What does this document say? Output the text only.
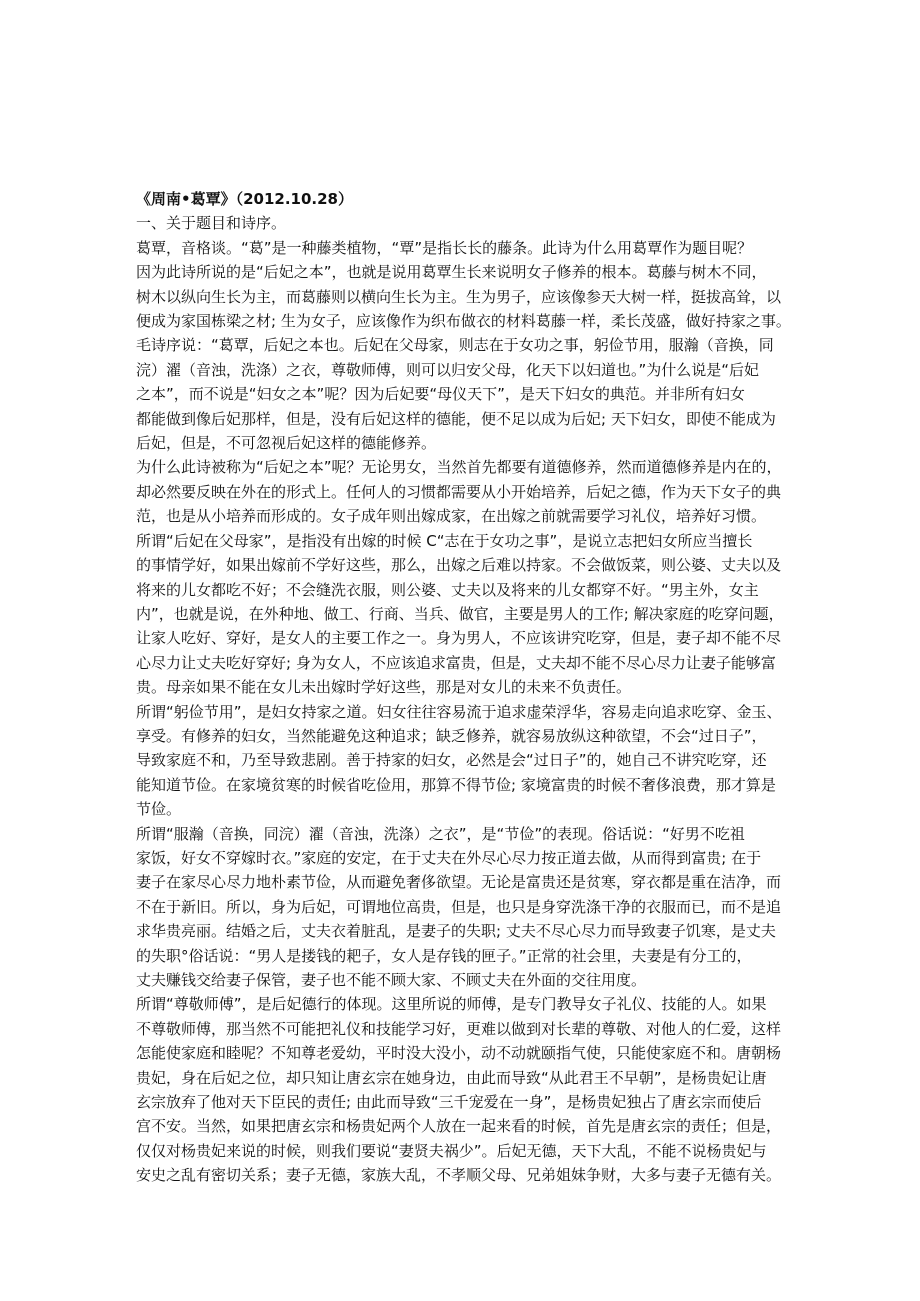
《周南•葛覃》（2012.10.28）

一、关于题目和诗序。

葛覃，音格谈。“葛”是一种藤类植物，“覃”是指长长的藤条。此诗为什么用葛覃作为题目呢？
因为此诗所说的是“后妃之本”，也就是说用葛覃生长来说明女子修养的根本。葛藤与树木不同，
树木以纵向生长为主，而葛藤则以横向生长为主。生为男子，应该像参天大树一样，挺拔高耸，以
便成为家国栋梁之材; 生为女子，应该像作为织布做衣的材料葛藤一样，柔长茂盛，做好持家之事。

毛诗序说：“葛覃，后妃之本也。后妃在父母家，则志在于女功之事，躬俭节用，服瀚（音换，同
浣）濯（音浊，洗涤）之衣，尊敬师傅，则可以归安父母，化天下以妇道也。”为什么说是“后妃
之本”，而不说是“妇女之本”呢？因为后妃要“母仪天下”，是天下妇女的典范。并非所有妇女
都能做到像后妃那样，但是，没有后妃这样的德能，便不足以成为后妃; 天下妇女，即使不能成为
后妃，但是，不可忽视后妃这样的德能修养。

为什么此诗被称为“后妃之本”呢？无论男女，当然首先都要有道德修养，然而道德修养是内在的，
却必然要反映在外在的形式上。任何人的习惯都需要从小开始培养，后妃之德，作为天下女子的典
范，也是从小培养而形成的。女子成年则出嫁成家，在出嫁之前就需要学习礼仪，培养好习惯。

所谓“后妃在父母家”，是指没有出嫁的时候 C“志在于女功之事”，是说立志把妇女所应当擅长
的事情学好，如果出嫁前不学好这些，那么，出嫁之后难以持家。不会做饭菜，则公婆、丈夫以及
将来的儿女都吃不好；不会缝洗衣服，则公婆、丈夫以及将来的儿女都穿不好。“男主外，女主
内”，也就是说，在外种地、做工、行商、当兵、做官，主要是男人的工作; 解决家庭的吃穿问题，
让家人吃好、穿好，是女人的主要工作之一。身为男人，不应该讲究吃穿，但是，妻子却不能不尽
心尽力让丈夫吃好穿好; 身为女人，不应该追求富贵，但是，丈夫却不能不尽心尽力让妻子能够富
贵。母亲如果不能在女儿未出嫁时学好这些，那是对女儿的未来不负责任。

所谓“躬俭节用”，是妇女持家之道。妇女往往容易流于追求虚荣浮华，容易走向追求吃穿、金玉、
享受。有修养的妇女，当然能避免这种追求；缺乏修养，就容易放纵这种欲望，不会“过日子”，
导致家庭不和，乃至导致悲剧。善于持家的妇女，必然是会“过日子”的，她自己不讲究吃穿，还
能知道节俭。在家境贫寒的时候省吃俭用，那算不得节俭; 家境富贵的时候不奢侈浪费，那才算是
节俭。

所谓“服瀚（音换，同浣）濯（音浊，洗涤）之衣”，是“节俭”的表现。俗话说：“好男不吃祖
家饭，好女不穿嫁时衣。”家庭的安定，在于丈夫在外尽心尽力按正道去做，从而得到富贵; 在于
妻子在家尽心尽力地朴素节俭，从而避免奢侈欲望。无论是富贵还是贫寒，穿衣都是重在洁净，而
不在于新旧。所以，身为后妃，可谓地位高贵，但是，也只是身穿洗涤干净的衣服而已，而不是追
求华贵亮丽。结婚之后，丈夫衣着脏乱，是妻子的失职; 丈夫不尽心尽力而导致妻子饥寒，是丈夫
的失职°俗话说：“男人是搂钱的耙子，女人是存钱的匣子。”正常的社会里，夫妻是有分工的，
丈夫赚钱交给妻子保管，妻子也不能不顾大家、不顾丈夫在外面的交往用度。

所谓“尊敬师傅”，是后妃德行的体现。这里所说的师傅，是专门教导女子礼仪、技能的人。如果
不尊敬师傅，那当然不可能把礼仪和技能学习好，更难以做到对长辈的尊敬、对他人的仁爱，这样
怎能使家庭和睦呢？不知尊老爱幼，平时没大没小，动不动就颐指气使，只能使家庭不和。唐朝杨
贵妃，身在后妃之位，却只知让唐玄宗在她身边，由此而导致“从此君王不早朝”，是杨贵妃让唐
玄宗放弃了他对天下臣民的责任; 由此而导致“三千宠爱在一身”，是杨贵妃独占了唐玄宗而使后
宫不安。当然，如果把唐玄宗和杨贵妃两个人放在一起来看的时候，首先是唐玄宗的责任；但是，
仅仅对杨贵妃来说的时候，则我们要说“妻贤夫祸少”。后妃无德，天下大乱，不能不说杨贵妃与
安史之乱有密切关系；妻子无德，家族大乱，不孝顺父母、兄弟姐妹争财，大多与妻子无德有关。
